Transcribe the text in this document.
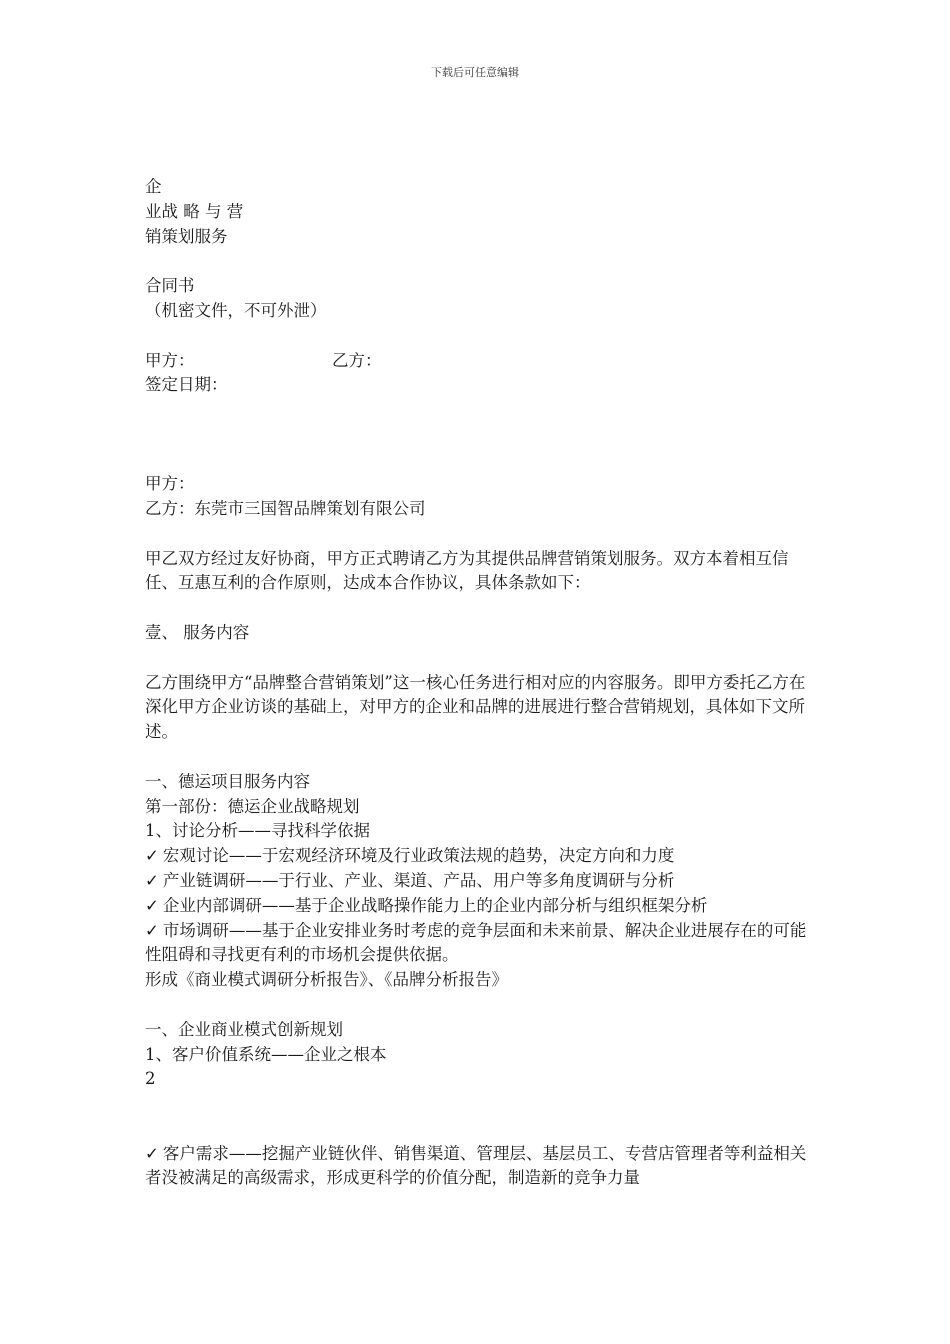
下载后可任意编辑
企
业战 略 与 营
销策划服务
合同书
（机密文件，不可外泄）
甲方：	乙方：
签定日期：
甲方：
乙方：东莞市三国智品牌策划有限公司
甲乙双方经过友好协商，甲方正式聘请乙方为其提供品牌营销策划服务。双方本着相互信任、互惠互利的合作原则，达成本合作协议，具体条款如下：
壹、 服务内容
乙方围绕甲方“品牌整合营销策划”这一核心任务进行相对应的内容服务。即甲方委托乙方在深化甲方企业访谈的基础上，对甲方的企业和品牌的进展进行整合营销规划，具体如下文所述。
一、德运项目服务内容
第一部份：德运企业战略规划
1、讨论分析——寻找科学依据
✓ 宏观讨论——于宏观经济环境及行业政策法规的趋势，决定方向和力度
✓ 产业链调研——于行业、产业、渠道、产品、用户等多角度调研与分析
✓ 企业内部调研——基于企业战略操作能力上的企业内部分析与组织框架分析
✓ 市场调研——基于企业安排业务时考虑的竞争层面和未来前景、解决企业进展存在的可能性阻碍和寻找更有利的市场机会提供依据。
形成《商业模式调研分析报告》、《品牌分析报告》
一、企业商业模式创新规划
1、客户价值系统——企业之根本
2
✓ 客户需求——挖掘产业链伙伴、销售渠道、管理层、基层员工、专营店管理者等利益相关
者没被满足的高级需求，形成更科学的价值分配，制造新的竞争力量
